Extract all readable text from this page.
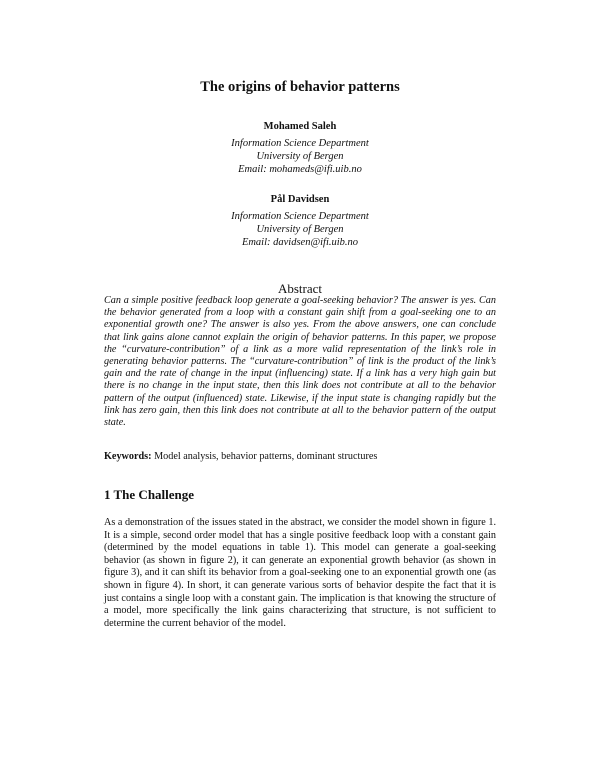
The origins of behavior patterns
Mohamed Saleh
Information Science Department
University of Bergen
Email: mohameds@ifi.uib.no
Pål Davidsen
Information Science Department
University of Bergen
Email: davidsen@ifi.uib.no
Abstract
Can a simple positive feedback loop generate a goal-seeking behavior? The answer is yes. Can the behavior generated from a loop with a constant gain shift from a goal-seeking one to an exponential growth one? The answer is also yes. From the above answers, one can conclude that link gains alone cannot explain the origin of behavior patterns. In this paper, we propose the “curvature-contribution” of a link as a more valid representation of the link’s role in generating behavior patterns. The “curvature-contribution” of link is the product of the link’s gain and the rate of change in the input (influencing) state. If a link has a very high gain but there is no change in the input state, then this link does not contribute at all to the behavior pattern of the output (influenced) state. Likewise, if the input state is changing rapidly but the link has zero gain, then this link does not contribute at all to the behavior pattern of the output state.
Keywords: Model analysis, behavior patterns, dominant structures
1 The Challenge
As a demonstration of the issues stated in the abstract, we consider the model shown in figure 1. It is a simple, second order model that has a single positive feedback loop with a constant gain (determined by the model equations in table 1). This model can generate a goal-seeking behavior (as shown in figure 2), it can generate an exponential growth behavior (as shown in figure 3), and it can shift its behavior from a goal-seeking one to an exponential growth one (as shown in figure 4). In short, it can generate various sorts of behavior despite the fact that it is just contains a single loop with a constant gain. The implication is that knowing the structure of a model, more specifically the link gains characterizing that structure, is not sufficient to determine the current behavior of the model.
